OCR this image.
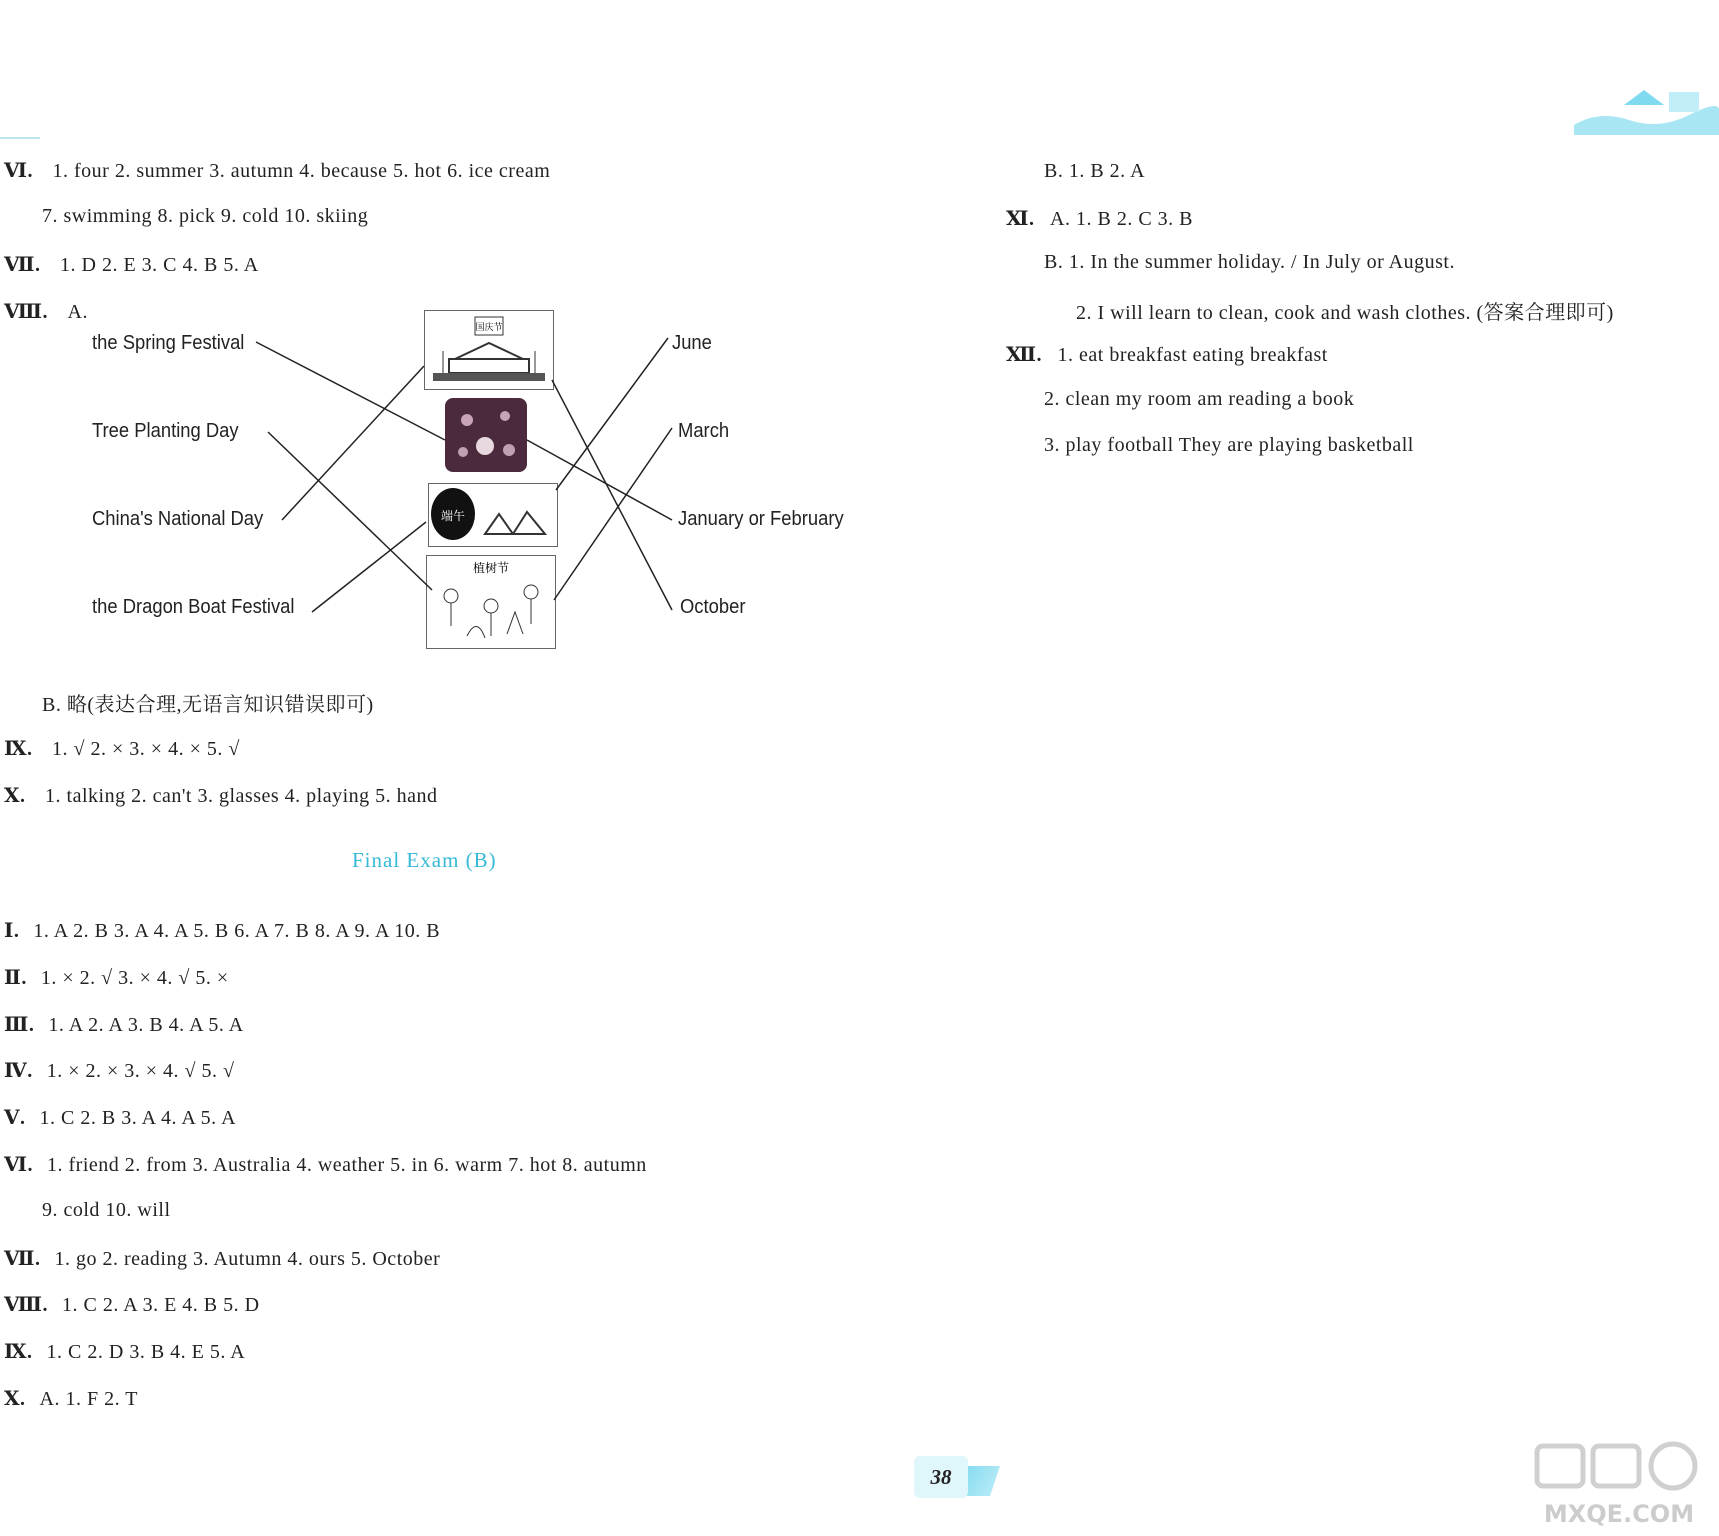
Ⅵ. 1. four 2. summer 3. autumn 4. because 5. hot 6. ice cream
7. swimming 8. pick 9. cold 10. skiing
Ⅶ. 1. D 2. E 3. C 4. B 5. A
Ⅷ. A.
the Spring Festival
Tree Planting Day
China's National Day
the Dragon Boat Festival
June
March
January or February
October
国庆节
端午
植树节
B. 略(表达合理,无语言知识错误即可)
Ⅸ. 1. √ 2. × 3. × 4. × 5. √
Ⅹ. 1. talking 2. can't 3. glasses 4. playing 5. hand
Final Exam (B)
Ⅰ. 1. A 2. B 3. A 4. A 5. B 6. A 7. B 8. A 9. A 10. B
Ⅱ. 1. × 2. √ 3. × 4. √ 5. ×
Ⅲ. 1. A 2. A 3. B 4. A 5. A
Ⅳ. 1. × 2. × 3. × 4. √ 5. √
Ⅴ. 1. C 2. B 3. A 4. A 5. A
Ⅵ. 1. friend 2. from 3. Australia 4. weather 5. in 6. warm 7. hot 8. autumn
9. cold 10. will
Ⅶ. 1. go 2. reading 3. Autumn 4. ours 5. October
Ⅷ. 1. C 2. A 3. E 4. B 5. D
Ⅸ. 1. C 2. D 3. B 4. E 5. A
Ⅹ. A. 1. F 2. T
B. 1. B 2. A
Ⅺ. A. 1. B 2. C 3. B
B. 1. In the summer holiday. / In July or August.
2. I will learn to clean, cook and wash clothes. (答案合理即可)
Ⅻ. 1. eat breakfast eating breakfast
2. clean my room am reading a book
3. play football They are playing basketball
38
MXQE.COM
